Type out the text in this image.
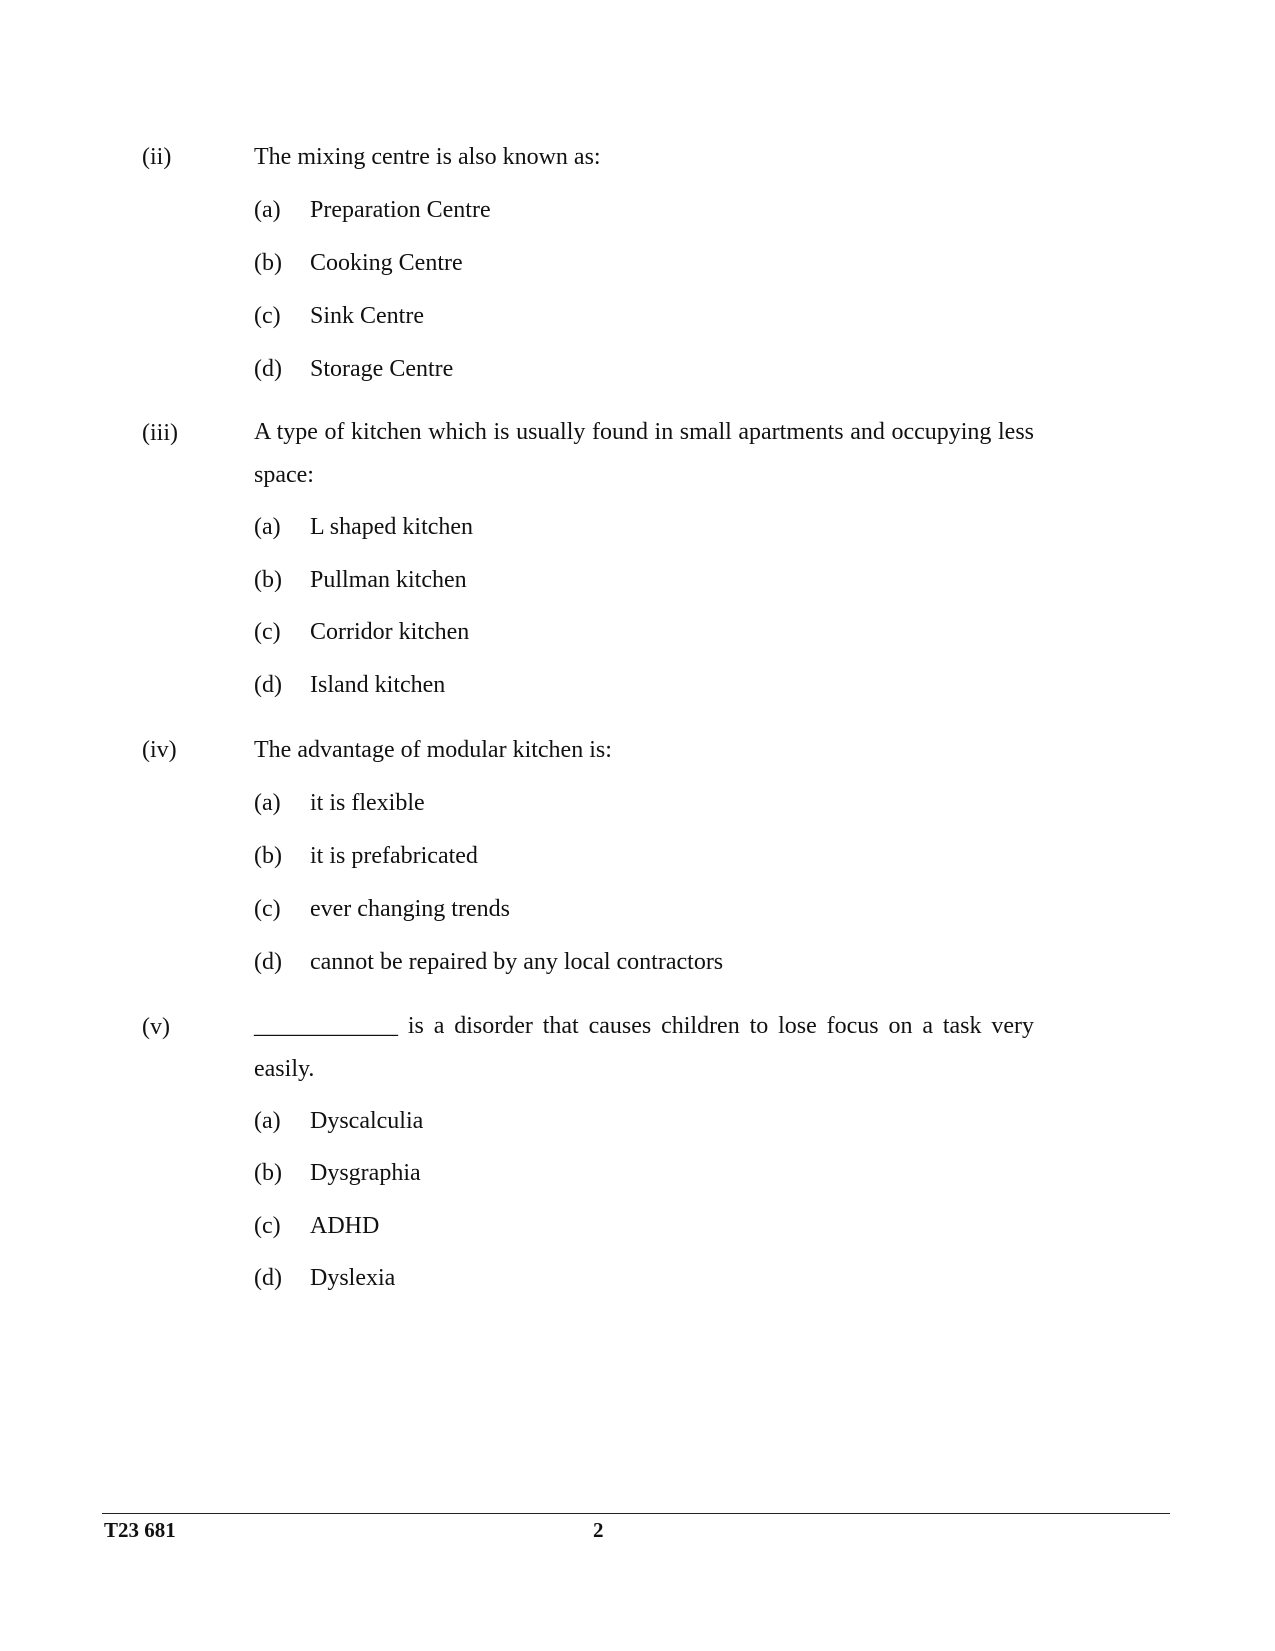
(ii)	The mixing centre is also known as:
(a) Preparation Centre
(b) Cooking Centre
(c) Sink Centre
(d) Storage Centre
(iii)	A type of kitchen which is usually found in small apartments and occupying less space:
(a) L shaped kitchen
(b) Pullman kitchen
(c) Corridor kitchen
(d) Island kitchen
(iv)	The advantage of modular kitchen is:
(a) it is flexible
(b) it is prefabricated
(c) ever changing trends
(d) cannot be repaired by any local contractors
(v)	____________ is a disorder that causes children to lose focus on a task very easily.
(a) Dyscalculia
(b) Dysgraphia
(c) ADHD
(d) Dyslexia
T23 681	2
